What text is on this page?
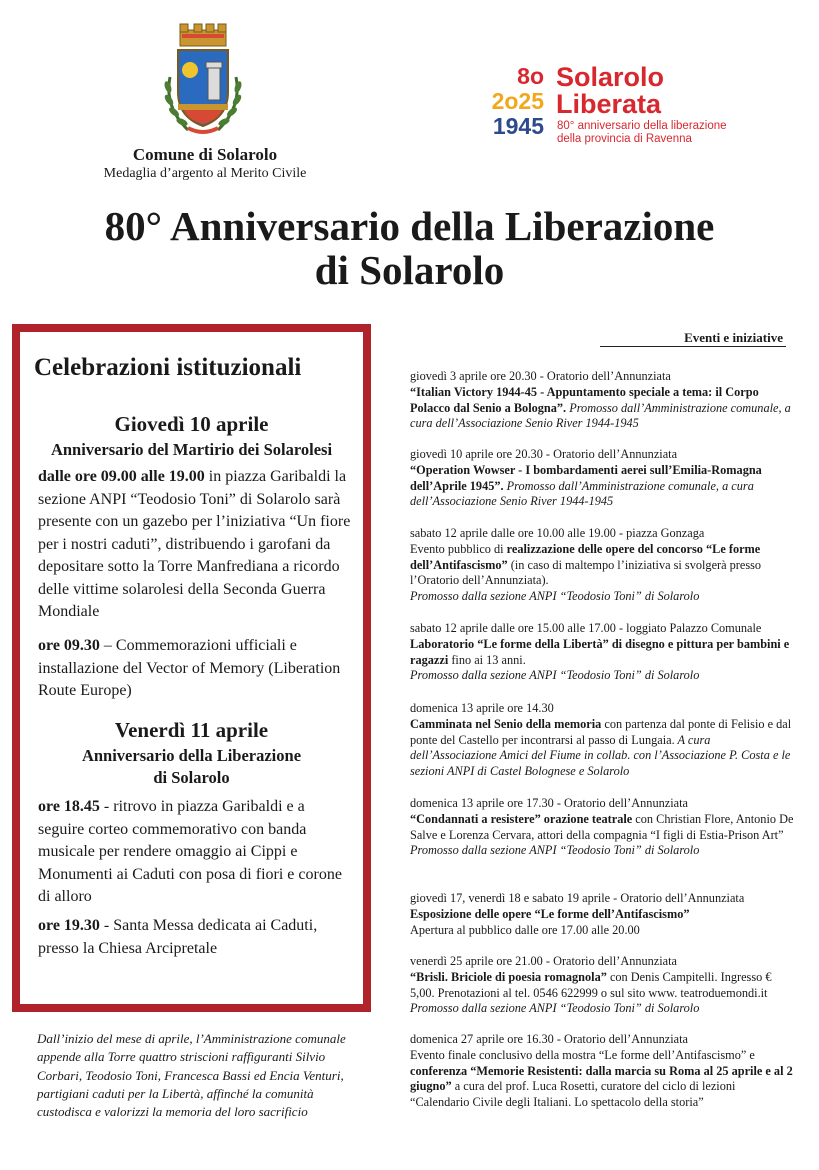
Comune di Solarolo
Medaglia d’argento al Merito Civile
8o
2o25
1945
Solarolo
Liberata
80° anniversario della liberazione
della provincia di Ravenna
80° Anniversario della Liberazione
di Solarolo
Celebrazioni istituzionali
Giovedì 10 aprile
Anniversario del Martirio dei Solarolesi
dalle ore 09.00 alle 19.00 in piazza Garibaldi la sezione ANPI “Teodosio Toni” di Solarolo sarà presente con un gazebo per l’iniziativa “Un fiore per i nostri caduti”, distribuendo i garofani da depositare sotto la Torre Manfrediana a ricordo delle vittime solarolesi della Seconda Guerra Mondiale
ore 09.30 – Commemorazioni ufficiali e installazione del Vector of Memory (Liberation Route Europe)
Venerdì 11 aprile
Anniversario della Liberazione
di Solarolo
ore 18.45 - ritrovo in piazza Garibaldi e a seguire corteo commemorativo con banda musicale per rendere omaggio ai Cippi e Monumenti ai Caduti con posa di fiori e corone di alloro
ore 19.30 - Santa Messa dedicata ai Caduti, presso la Chiesa Arcipretale
Dall’inizio del mese di aprile, l’Amministrazione comunale appende alla Torre quattro striscioni raffiguranti Silvio Corbari, Teodosio Toni, Francesca Bassi ed Encia Venturi, partigiani caduti per la Libertà, affinché la comunità custodisca e valorizzi la memoria del loro sacrificio
Eventi e iniziative
giovedì 3 aprile ore 20.30 - Oratorio dell’Annunziata
“Italian Victory 1944-45 - Appuntamento speciale a tema: il Corpo Polacco dal Senio a Bologna”. Promosso dall’Amministrazione comunale, a cura dell’Associazione Senio River 1944-1945
giovedì 10 aprile ore 20.30 - Oratorio dell’Annunziata
“Operation Wowser - I bombardamenti aerei sull’Emilia-Romagna dell’Aprile 1945”. Promosso dall’Amministrazione comunale, a cura dell’Associazione Senio River 1944-1945
sabato 12 aprile dalle ore 10.00 alle 19.00 - piazza Gonzaga
Evento pubblico di realizzazione delle opere del concorso “Le forme dell’Antifascismo” (in caso di maltempo l’iniziativa si svolgerà presso l’Oratorio dell’Annunziata).
Promosso dalla sezione ANPI “Teodosio Toni” di Solarolo
sabato 12 aprile dalle ore 15.00 alle 17.00 - loggiato Palazzo Comunale
Laboratorio “Le forme della Libertà” di disegno e pittura per bambini e ragazzi fino ai 13 anni.
Promosso dalla sezione ANPI “Teodosio Toni” di Solarolo
domenica 13 aprile ore 14.30
Camminata nel Senio della memoria con partenza dal ponte di Felisio e dal ponte del Castello per incontrarsi al passo di Lungaia. A cura dell’Associazione Amici del Fiume in collab. con l’Associazione P. Costa e le sezioni ANPI di Castel Bolognese e Solarolo
domenica 13 aprile ore 17.30 - Oratorio dell’Annunziata
“Condannati a resistere” orazione teatrale con Christian Flore, Antonio De Salve e Lorenza Cervara, attori della compagnia “I figli di Estia-Prison Art”
Promosso dalla sezione ANPI “Teodosio Toni” di Solarolo
giovedì 17, venerdì 18 e sabato 19 aprile - Oratorio dell’Annunziata
Esposizione delle opere “Le forme dell’Antifascismo”
Apertura al pubblico dalle ore 17.00 alle 20.00
venerdì 25 aprile ore 21.00 - Oratorio dell’Annunziata
“Brisli. Briciole di poesia romagnola” con Denis Campitelli. Ingresso € 5,00. Prenotazioni al tel. 0546 622999 o sul sito www. teatroduemondi.it Promosso dalla sezione ANPI “Teodosio Toni” di Solarolo
domenica 27 aprile ore 16.30 - Oratorio dell’Annunziata
Evento finale conclusivo della mostra “Le forme dell’Antifascismo” e conferenza “Memorie Resistenti: dalla marcia su Roma al 25 aprile e al 2 giugno” a cura del prof. Luca Rosetti, curatore del ciclo di lezioni “Calendario Civile degli Italiani. Lo spettacolo della storia”
